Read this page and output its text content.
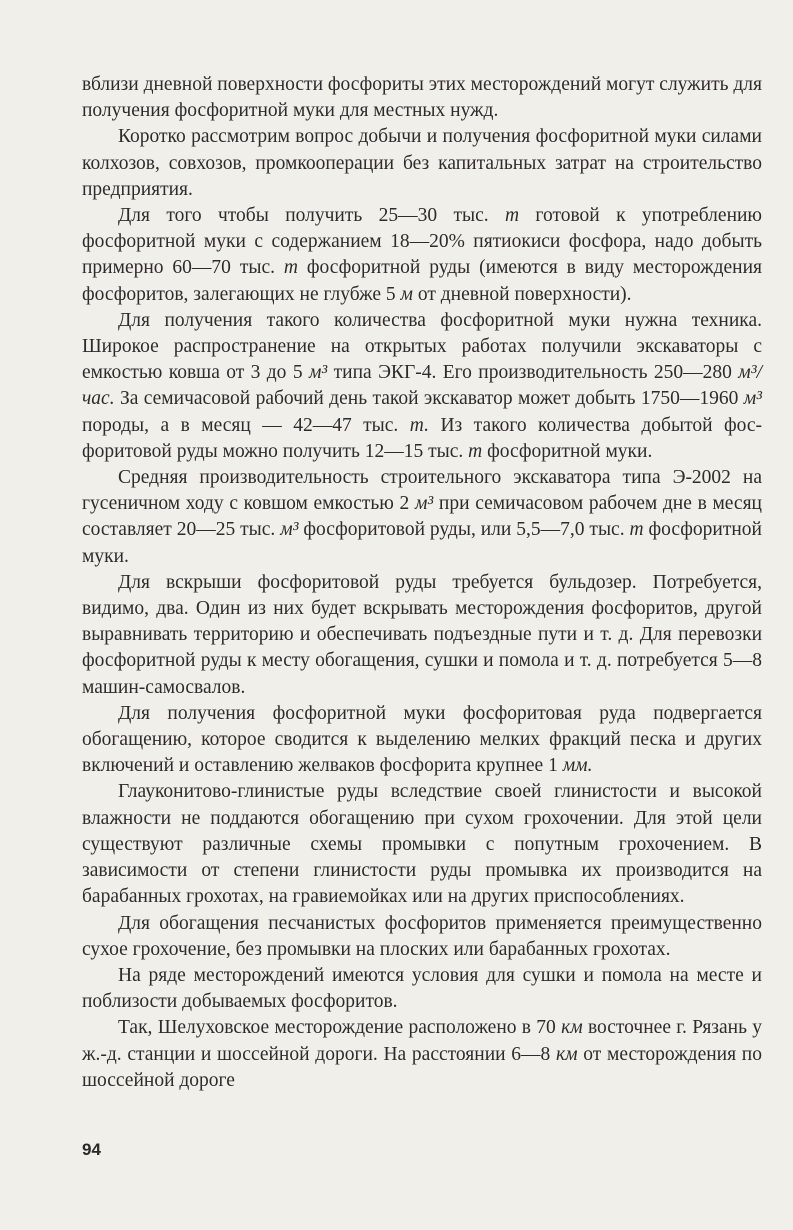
вблизи дневной поверхности фосфориты этих месторождений могут служить для получения фосфоритной муки для местных нужд.

Коротко рассмотрим вопрос добычи и получения фосфоритной муки силами колхозов, совхозов, промкооперации без капитальных затрат на строительство предприятия.

Для того чтобы получить 25—30 тыс. т готовой к употреблению фосфоритной муки с содержанием 18—20% пятиокиси фосфора, надо добыть примерно 60—70 тыс. т фосфоритной руды (имеются в виду месторождения фосфоритов, залегающих не глубже 5 м от дневной поверхности).

Для получения такого количества фосфоритной муки нужна техника. Широкое распространение на открытых работах получили экскаваторы с емкостью ковша от 3 до 5 м³ типа ЭКГ-4. Его производительность 250—280 м³/час. За семичасовой рабочий день такой экскаватор может добыть 1750—1960 м³ породы, а в месяц — 42—47 тыс. т. Из такого количества добытой фосфоритовой руды можно получить 12—15 тыс. т фосфоритной муки.

Средняя производительность строительного экскаватора типа Э-2002 на гусеничном ходу с ковшом емкостью 2 м³ при семичасовом рабочем дне в месяц составляет 20—25 тыс. м³ фосфоритовой руды, или 5,5—7,0 тыс. т фосфоритной муки.

Для вскрыши фосфоритовой руды требуется бульдозер. Потребуется, видимо, два. Один из них будет вскрывать месторождения фосфоритов, другой выравнивать территорию и обеспечивать подъездные пути и т. д. Для перевозки фосфоритной руды к месту обогащения, сушки и помола и т. д. потребуется 5—8 машин-самосвалов.

Для получения фосфоритной муки фосфоритовая руда подвергается обогащению, которое сводится к выделению мелких фракций песка и других включений и оставлению желваков фосфорита крупнее 1 мм.

Глауконитово-глинистые руды вследствие своей глинистости и высокой влажности не поддаются обогащению при сухом грохочении. Для этой цели существуют различные схемы промывки с попутным грохочением. В зависимости от степени глинистости руды промывка их производится на барабанных грохотах, на гравиемойках или на других приспособлениях.

Для обогащения песчанистых фосфоритов применяется преимущественно сухое грохочение, без промывки на плоских или барабанных грохотах.

На ряде месторождений имеются условия для сушки и помола на месте и поблизости добываемых фосфоритов.

Так, Шелуховское месторождение расположено в 70 км восточнее г. Рязань у ж.-д. станции и шоссейной дороги. На расстоянии 6—8 км от месторождения по шоссейной дороге

94
